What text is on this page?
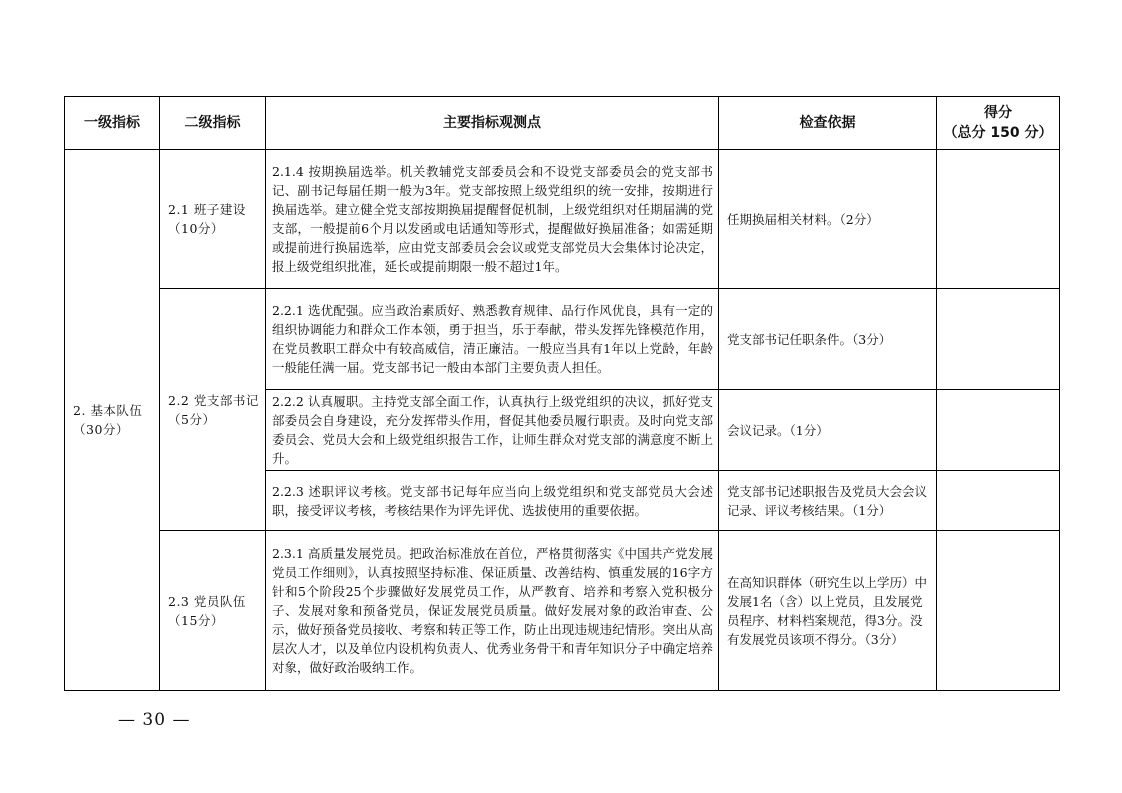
一级指标	二级指标	主要指标观测点	检查依据	得分
（总分 150 分）

2. 基本队伍（30分）	2.1 班子建设（10分）	2.1.4 按期换届选举。机关教辅党支部委员会和不设党支部委员会的党支部书记、副书记每届任期一般为3年。党支部按照上级党组织的统一安排，按期进行换届选举。建立健全党支部按期换届提醒督促机制，上级党组织对任期届满的党支部，一般提前6个月以发函或电话通知等形式，提醒做好换届准备；如需延期或提前进行换届选举，应由党支部委员会会议或党支部党员大会集体讨论决定，报上级党组织批准，延长或提前期限一般不超过1年。	任期换届相关材料。（2分）	
	2.2 党支部书记（5分）	2.2.1 选优配强。应当政治素质好、熟悉教育规律、品行作风优良，具有一定的组织协调能力和群众工作本领，勇于担当，乐于奉献，带头发挥先锋模范作用，在党员教职工群众中有较高威信，清正廉洁。一般应当具有1年以上党龄，年龄一般能任满一届。党支部书记一般由本部门主要负责人担任。	党支部书记任职条件。（3分）	
		2.2.2 认真履职。主持党支部全面工作，认真执行上级党组织的决议，抓好党支部委员会自身建设，充分发挥带头作用，督促其他委员履行职责。及时向党支部委员会、党员大会和上级党组织报告工作，让师生群众对党支部的满意度不断上升。	会议记录。（1分）	
		2.2.3 述职评议考核。党支部书记每年应当向上级党组织和党支部党员大会述职，接受评议考核，考核结果作为评先评优、选拔使用的重要依据。	党支部书记述职报告及党员大会会议记录、评议考核结果。（1分）	
	2.3 党员队伍（15分）	2.3.1 高质量发展党员。把政治标准放在首位，严格贯彻落实《中国共产党发展党员工作细则》，认真按照坚持标准、保证质量、改善结构、慎重发展的16字方针和5个阶段25个步骤做好发展党员工作，从严教育、培养和考察入党积极分子、发展对象和预备党员，保证发展党员质量。做好发展对象的政治审查、公示，做好预备党员接收、考察和转正等工作，防止出现违规违纪情形。突出从高层次人才，以及单位内设机构负责人、优秀业务骨干和青年知识分子中确定培养对象，做好政治吸纳工作。	在高知识群体（研究生以上学历）中发展1名（含）以上党员，且发展党员程序、材料档案规范，得3分。没有发展党员该项不得分。（3分）	
— 30 —
